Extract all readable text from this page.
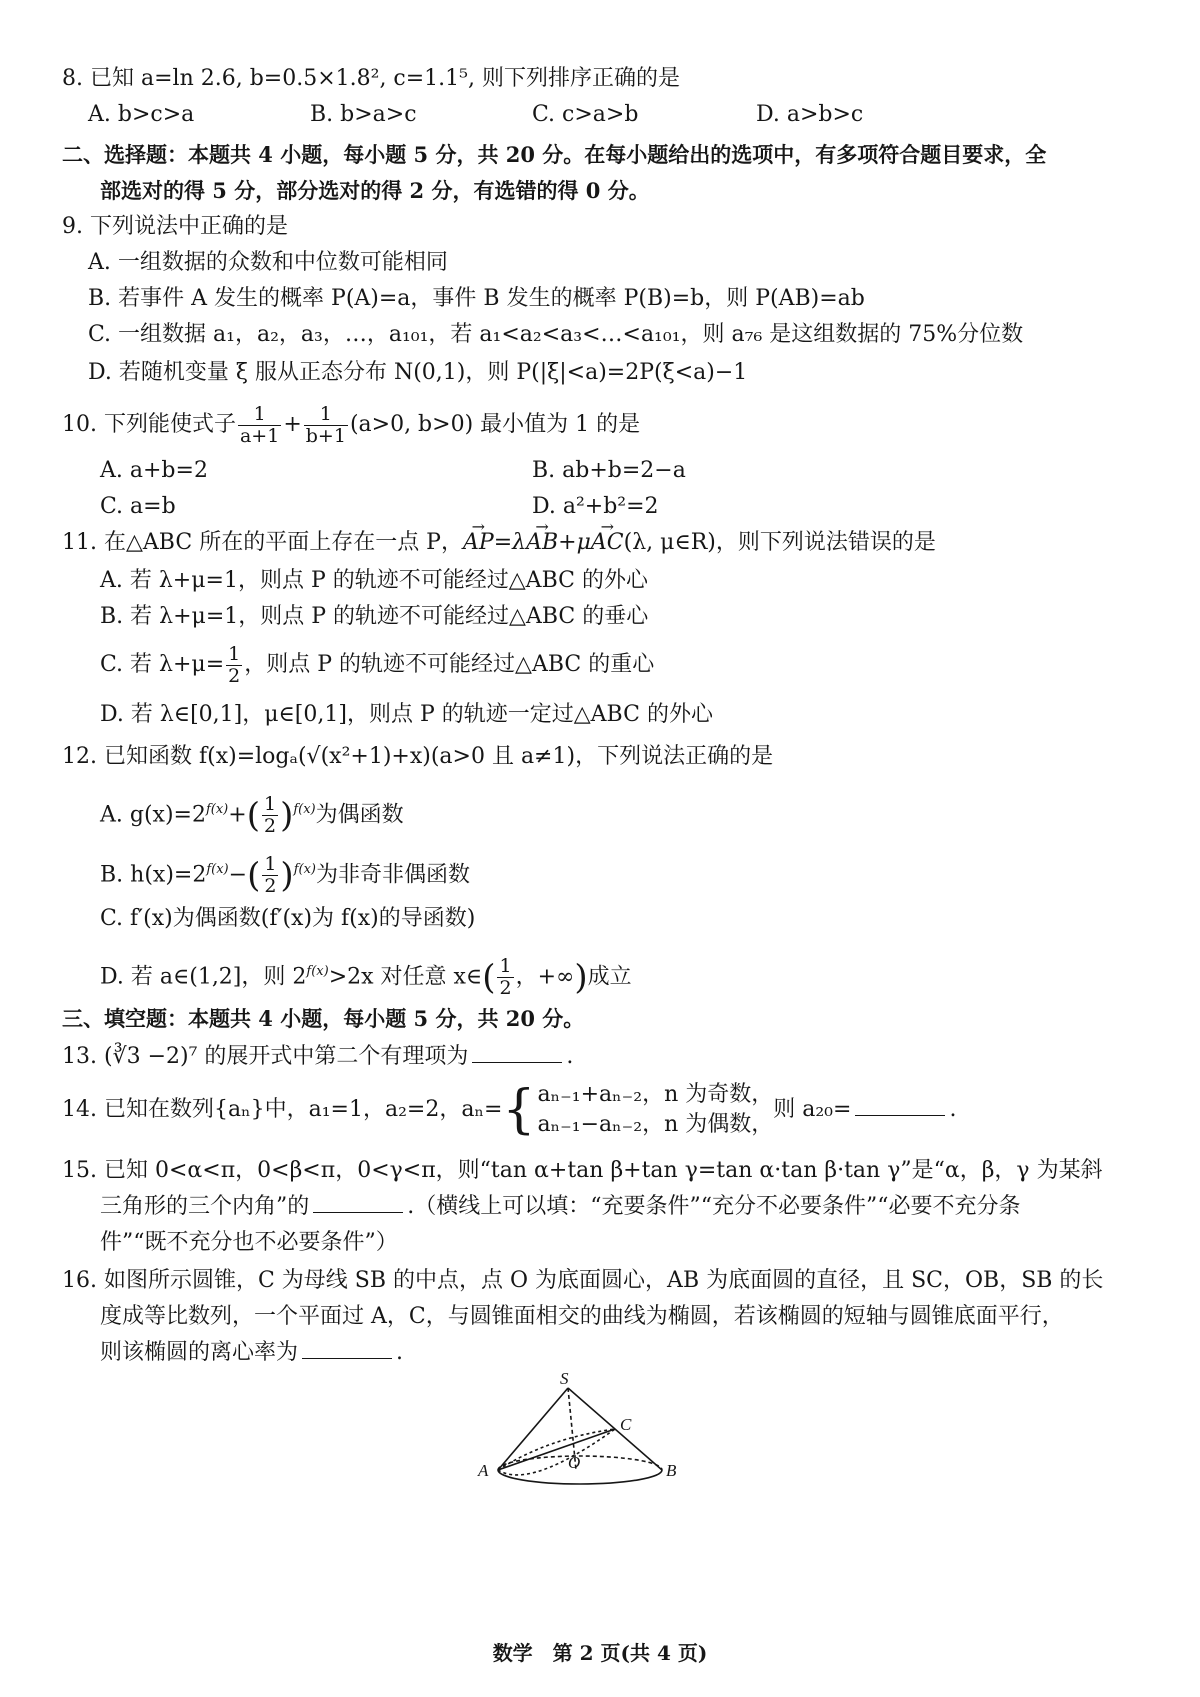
8. 已知 a=ln 2.6, b=0.5×1.8², c=1.1⁵, 则下列排序正确的是
A. b>c>a	B. b>a>c	C. c>a>b	D. a>b>c
二、选择题：本题共 4 小题，每小题 5 分，共 20 分。在每小题给出的选项中，有多项符合题目要求，全
部选对的得 5 分，部分选对的得 2 分，有选错的得 0 分。
9. 下列说法中正确的是
A. 一组数据的众数和中位数可能相同
B. 若事件 A 发生的概率 P(A)=a，事件 B 发生的概率 P(B)=b，则 P(AB)=ab
C. 一组数据 a₁，a₂，a₃，…，a₁₀₁，若 a₁<a₂<a₃<…<a₁₀₁，则 a₇₆ 是这组数据的 75%分位数
D. 若随机变量 ξ 服从正态分布 N(0,1)，则 P(|ξ|<a)=2P(ξ<a)−1
10. 下列能使式子 $\frac{1}{a+1} + \frac{1}{b+1} (a>0$, b>0) 最小值为 1 的是
A. a+b=2	B. ab+b=2−a
C. a=b	D. a²+b²=2
11. 在△ABC 所在的平面上存在一点 P，→ AP=λ→ AB+μ→ AC(λ, μ∈R)，则下列说法错误的是
A. 若 λ+μ=1，则点 P 的轨迹不可能经过△ABC 的外心
B. 若 λ+μ=1，则点 P 的轨迹不可能经过△ABC 的垂心
C. 若 $\lambda+\mu= \frac{1}{2}$ ，则点 P 的轨迹不可能经过△ABC 的重心
D. 若 λ∈[0,1]，μ∈[0,1]，则点 P 的轨迹一定过△ABC 的外心
12. 已知函数 f(x)=logₐ(√(x²+1)+x)(a>0 且 a≠1)，下列说法正确的是
A. $g(x)=2^{f(x)}+( \frac{1}{2} )^{f(x)}$为偶函数
B. $h(x)=2^{f(x)}-( \frac{1}{2} )^{f(x)}$为非奇非偶函数
C. f′(x)为偶函数(f′(x)为 f(x)的导函数)
D. 若 a∈(1,2]，则 $2^{f(x)}>2x$ 对任意 x∈( $\frac{1}{2}$ ，+∞)成立
三、填空题：本题共 4 小题，每小题 5 分，共 20 分。
13. (∛3 −2)⁷ 的展开式中第二个有理项为	.
14. 已知在数列{aₙ}中，a₁=1，a₂=2，aₙ={ aₙ₋₁+aₙ₋₂，n 为奇数，
aₙ₋₁−aₙ₋₂，n 为偶数，
则 a₂₀=	.
15. 已知 0<α<π，0<β<π，0<γ<π，则“tan α+tan β+tan γ=tan α·tan β·tan γ”是“α，β，γ 为某斜
三角形的三个内角”的	.（横线上可以填：“充要条件”“充分不必要条件”“必要不充分条
件”“既不充分也不必要条件”）
16. 如图所示圆锥，C 为母线 SB 的中点，点 O 为底面圆心，AB 为底面圆的直径，且 SC，OB，SB 的长
度成等比数列，一个平面过 A，C，与圆锥面相交的曲线为椭圆，若该椭圆的短轴与圆锥底面平行，
则该椭圆的离心率为	.
S
C
A	O	B
数学　第 2 页(共 4 页)
